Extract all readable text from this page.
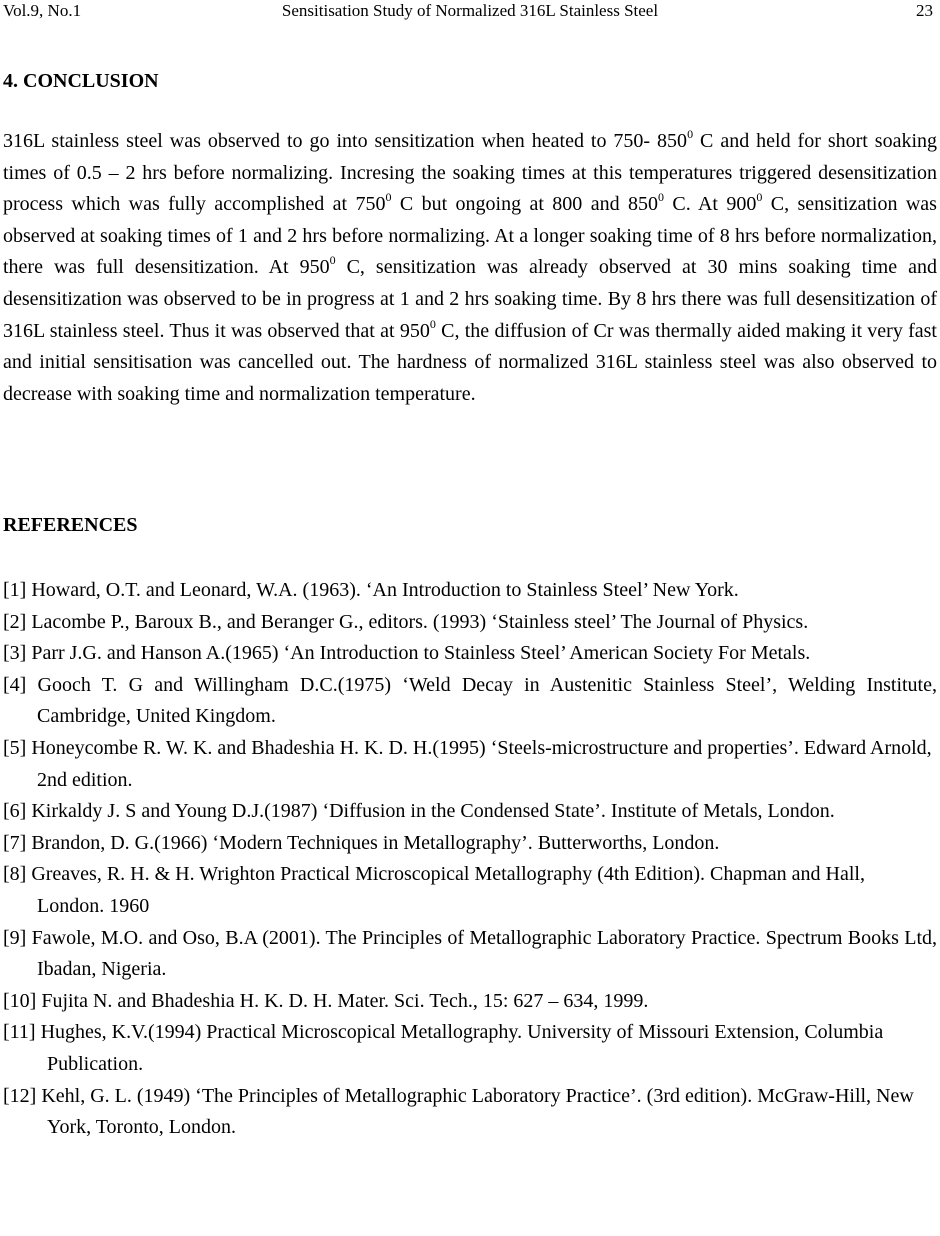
Vol.9, No.1	Sensitisation Study of Normalized 316L Stainless Steel	23
4. CONCLUSION

316L stainless steel was observed to go into sensitization when heated to 750- $850^0$ C and held for short soaking times of 0.5 – 2 hrs before normalizing. Incresing the soaking times at this temperatures triggered desensitization process which was fully accomplished at $750^0$ C but ongoing at 800 and $850^0$ C. At $900^0$ C, sensitization was observed at soaking times of 1 and 2 hrs before normalizing. At a longer soaking time of 8 hrs before normalization, there was full desensitization. At $950^0$ C, sensitization was already observed at 30 mins soaking time and desensitization was observed to be in progress at 1 and 2 hrs soaking time. By 8 hrs there was full desensitization of 316L stainless steel. Thus it was observed that at $950^0$ C, the diffusion of Cr was thermally aided making it very fast and initial sensitisation was cancelled out. The hardness of normalized 316L stainless steel was also observed to decrease with soaking time and normalization temperature.

REFERENCES
[1] Howard, O.T. and Leonard, W.A. (1963). ‘An Introduction to Stainless Steel’ New York.
[2] Lacombe P., Baroux B., and Beranger G., editors. (1993) ‘Stainless steel’ The Journal of Physics.
[3] Parr J.G. and Hanson A.(1965) ‘An Introduction to Stainless Steel’ American Society For Metals.
[4] Gooch T. G and Willingham D.C.(1975) ‘Weld Decay in Austenitic Stainless Steel’, Welding Institute, Cambridge, United Kingdom.
[5] Honeycombe R. W. K. and Bhadeshia H. K. D. H.(1995) ‘Steels-microstructure and properties’. Edward Arnold, 2nd edition.
[6] Kirkaldy J. S and Young D.J.(1987) ‘Diffusion in the Condensed State’. Institute of Metals, London.
[7] Brandon, D. G.(1966) ‘Modern Techniques in Metallography’. Butterworths, London.
[8] Greaves, R. H. & H. Wrighton Practical Microscopical Metallography (4th Edition). Chapman and Hall, London. 1960
[9] Fawole, M.O. and Oso, B.A (2001). The Principles of Metallographic Laboratory Practice. Spectrum Books Ltd, Ibadan, Nigeria.
[10] Fujita N. and Bhadeshia H. K. D. H. Mater. Sci. Tech., 15: 627 – 634, 1999.
[11] Hughes, K.V.(1994) Practical Microscopical Metallography. University of Missouri Extension, Columbia Publication.
[12] Kehl, G. L. (1949) ‘The Principles of Metallographic Laboratory Practice’. (3rd edition). McGraw-Hill, New York, Toronto, London.
